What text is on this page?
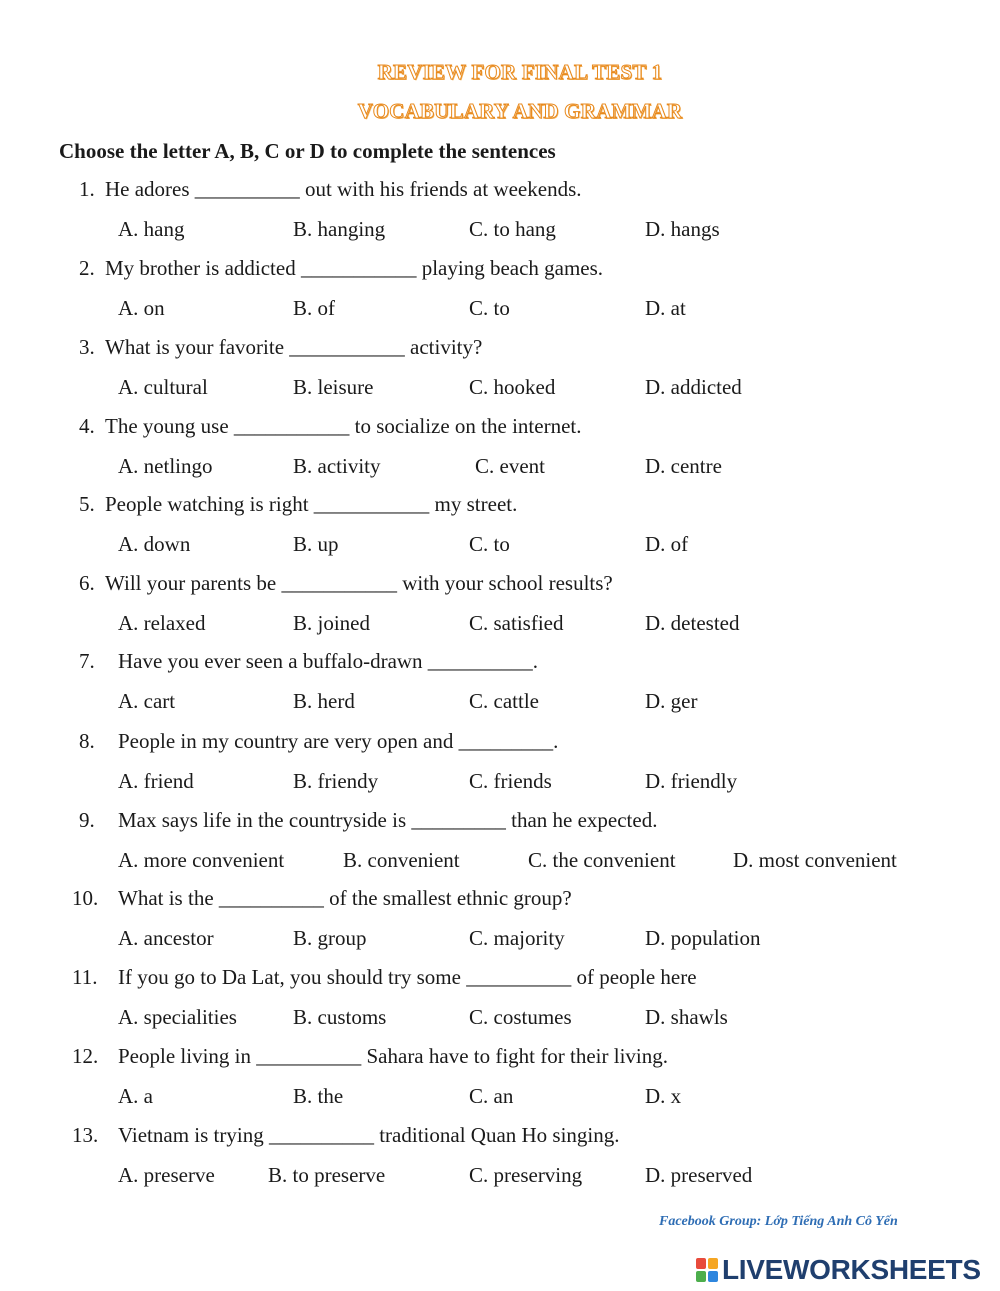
REVIEW FOR FINAL TEST 1
VOCABULARY AND GRAMMAR
Choose the letter A, B, C or D to complete the sentences
1. He adores __________ out with his friends at weekends.
A. hang	B. hanging	C. to hang	D. hangs
2. My brother is addicted ___________ playing beach games.
A. on	B. of	C. to	D. at
3. What is your favorite ___________ activity?
A. cultural	B. leisure	C. hooked	D. addicted
4. The young use ___________ to socialize on the internet.
A. netlingo	B. activity	C. event	D. centre
5. People watching is right ___________ my street.
A. down	B. up	C. to	D. of
6. Will your parents be ___________ with your school results?
A. relaxed	B. joined	C. satisfied	D. detested
7. Have you ever seen a buffalo-drawn __________.
A. cart	B. herd	C. cattle	D. ger
8. People in my country are very open and _________.
A. friend	B. friendy	C. friends	D. friendly
9. Max says life in the countryside is _________ than he expected.
A. more convenient	B. convenient	C. the convenient	D. most convenient
10. What is the __________ of the smallest ethnic group?
A. ancestor	B. group	C. majority	D. population
11. If you go to Da Lat, you should try some __________ of people here
A. specialities	B. customs	C. costumes	D. shawls
12. People living in __________ Sahara have to fight for their living.
A. a	B. the	C. an	D. x
13. Vietnam is trying __________ traditional Quan Ho singing.
A. preserve	B. to preserve	C. preserving	D. preserved
Facebook Group: Lớp Tiếng Anh Cô Yến
LIVEWORKSHEETS
